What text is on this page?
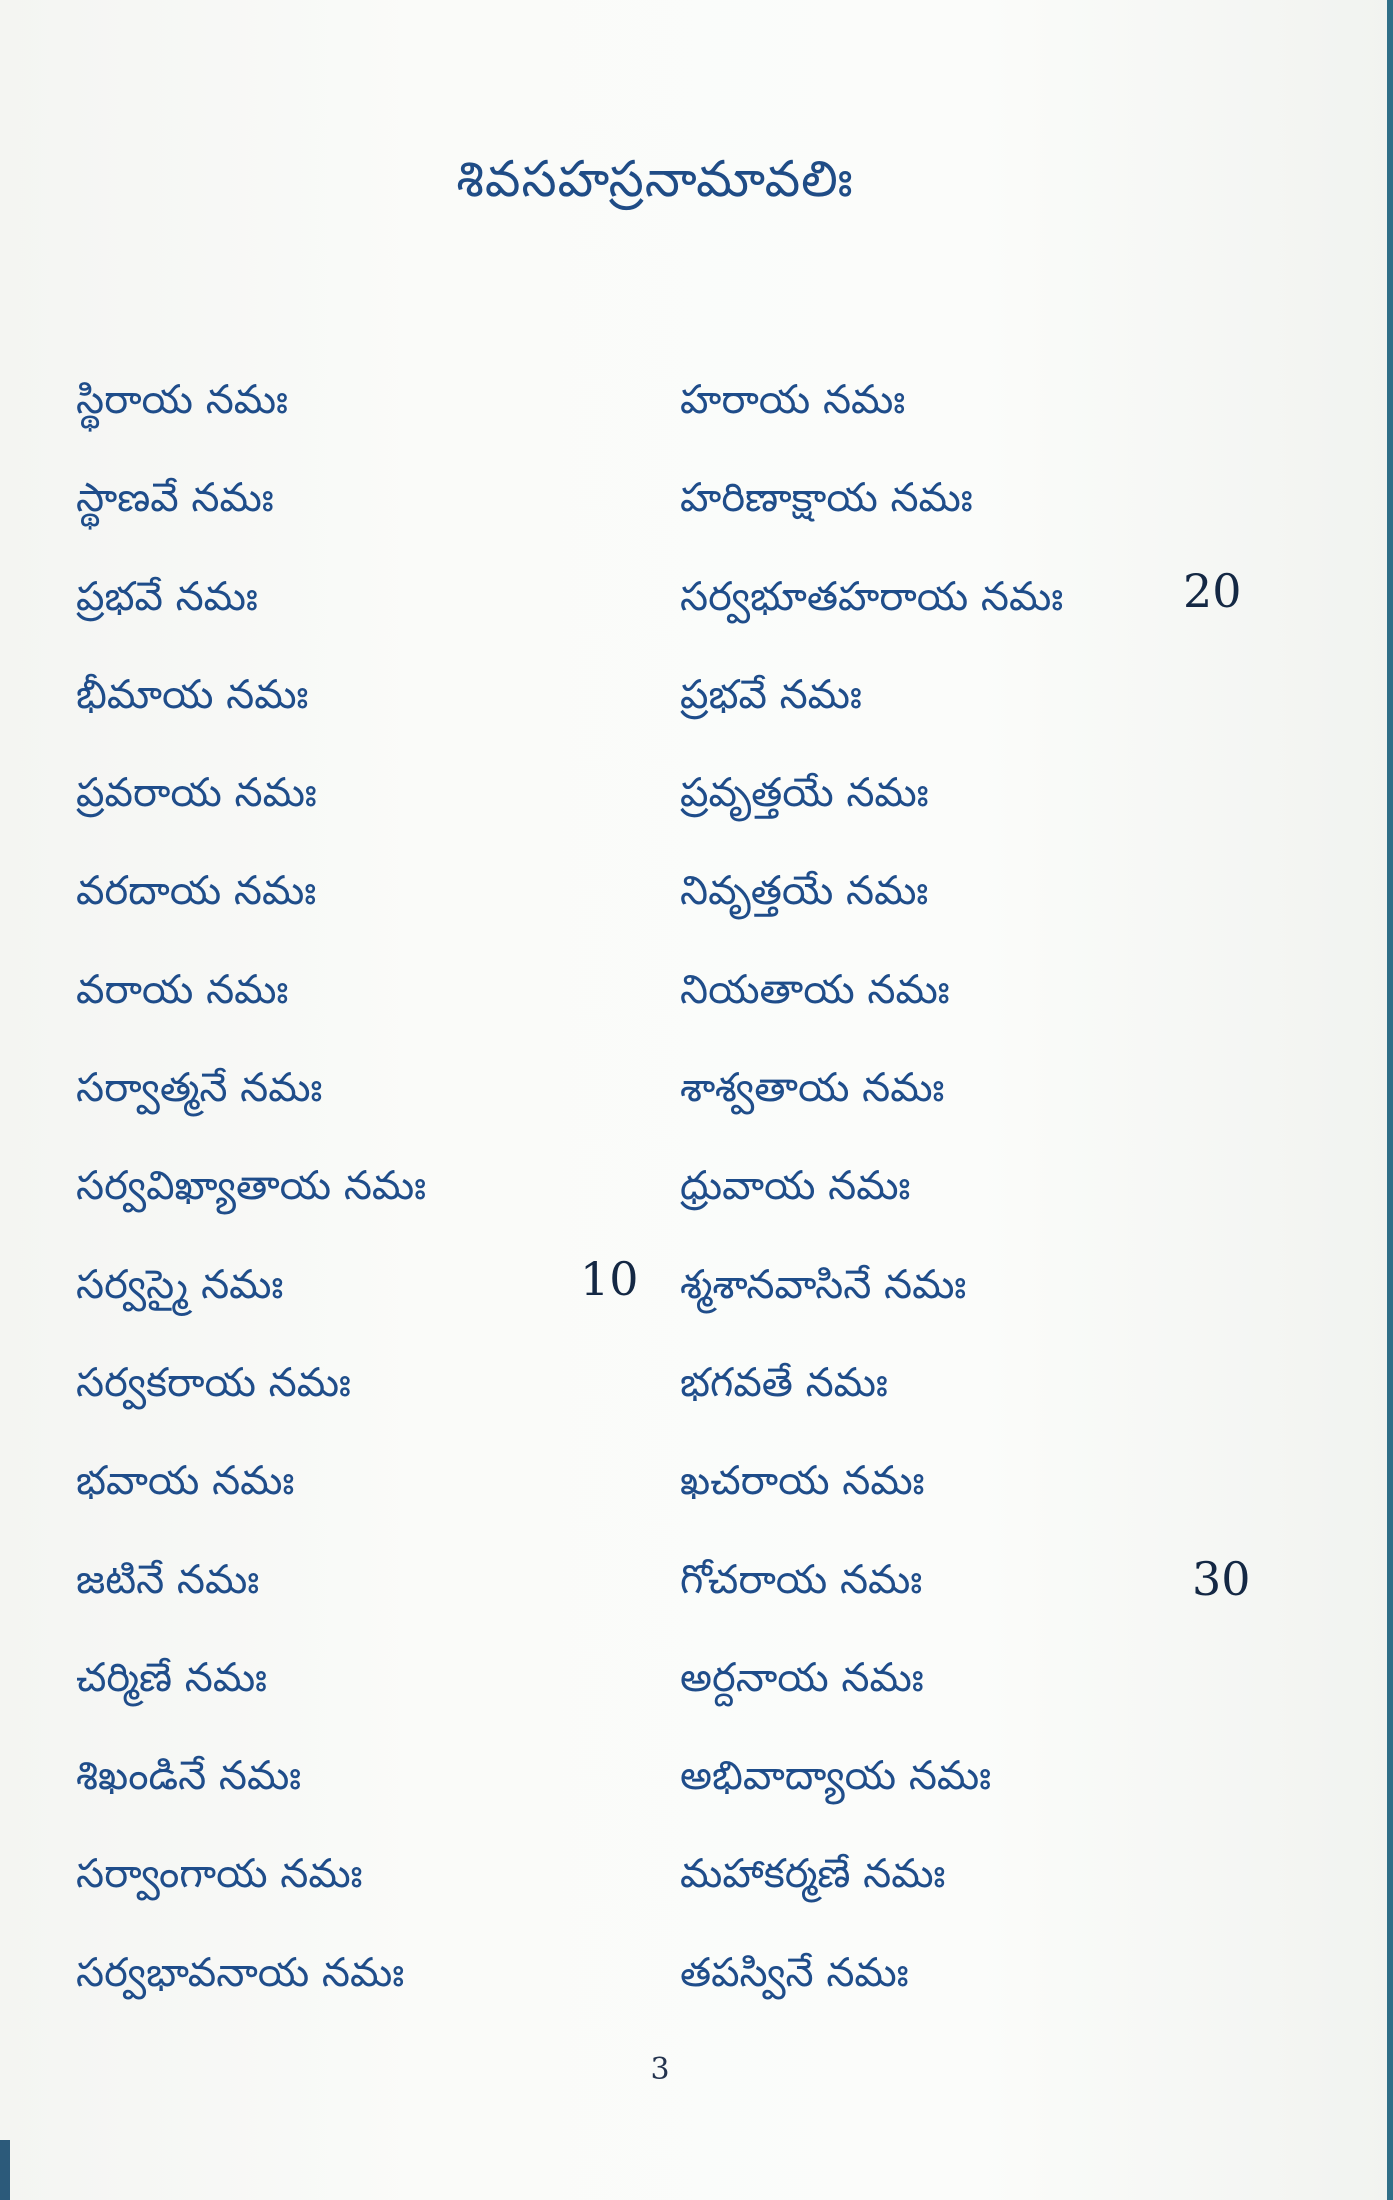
శివసహస్రనామావలిః
స్థిరాయ నమః
స్థాణవే నమః
ప్రభవే నమః
భీమాయ నమః
ప్రవరాయ నమః
వరదాయ నమః
వరాయ నమః
సర్వాత్మనే నమః
సర్వవిఖ్యాతాయ నమః
సర్వస్మై నమః
సర్వకరాయ నమః
భవాయ నమః
జటినే నమః
చర్మిణే నమః
శిఖండినే నమః
సర్వాంగాయ నమః
సర్వభావనాయ నమః
హరాయ నమః
హరిణాక్షాయ నమః
సర్వభూతహరాయ నమః
ప్రభవే నమః
ప్రవృత్తయే నమః
నివృత్తయే నమః
నియతాయ నమః
శాశ్వతాయ నమః
ధ్రువాయ నమః
శ్మశానవాసినే నమః
భగవతే నమః
ఖచరాయ నమః
గోచరాయ నమః
అర్దనాయ నమః
అభివాద్యాయ నమః
మహాకర్మణే నమః
తపస్వినే నమః
10
20
30
3
